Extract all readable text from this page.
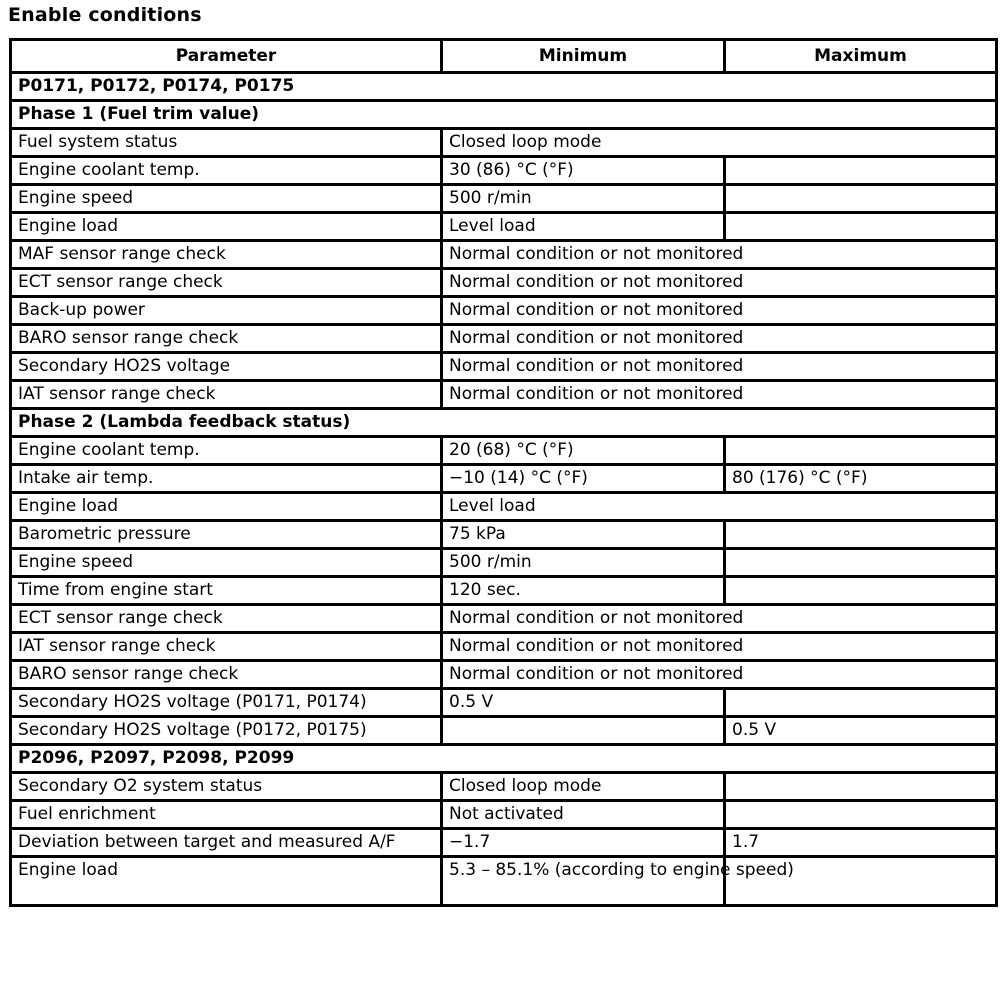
Enable conditions
Parameter	Minimum	Maximum
P0171, P0172, P0174, P0175		
Phase 1 (Fuel trim value)		
Fuel system status	Closed loop mode	
Engine coolant temp.	30 (86) °C (°F)	
Engine speed	500 r/min	
Engine load	Level load	
MAF sensor range check	Normal condition or not monitored	
ECT sensor range check	Normal condition or not monitored	
Back-up power	Normal condition or not monitored	
BARO sensor range check	Normal condition or not monitored	
Secondary HO2S voltage	Normal condition or not monitored	
IAT sensor range check	Normal condition or not monitored	
Phase 2 (Lambda feedback status)		
Engine coolant temp.	20 (68) °C (°F)	
Intake air temp.	−10 (14) °C (°F)	80 (176) °C (°F)
Engine load	Level load	
Barometric pressure	75 kPa	
Engine speed	500 r/min	
Time from engine start	120 sec.	
ECT sensor range check	Normal condition or not monitored	
IAT sensor range check	Normal condition or not monitored	
BARO sensor range check	Normal condition or not monitored	
Secondary HO2S voltage (P0171, P0174)	0.5 V	
Secondary HO2S voltage (P0172, P0175)		0.5 V
P2096, P2097, P2098, P2099		
Secondary O2 system status	Closed loop mode	
Fuel enrichment	Not activated	
Deviation between target and measured A/F	−1.7	1.7
Engine load	5.3 – 85.1% (according to engine speed)	
